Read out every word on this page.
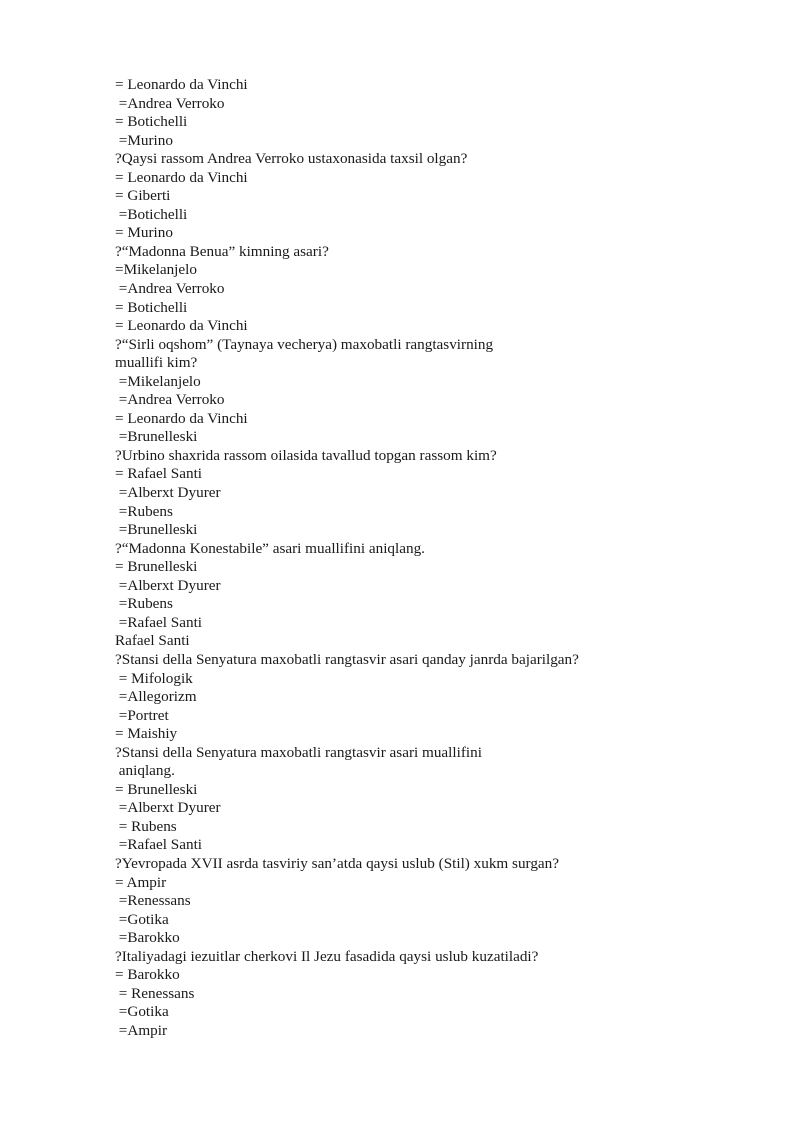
= Leonardo da Vinchi
=Andrea Verroko
= Botichelli
=Murino
?Qaysi rassom Andrea Verroko ustaxonasida taxsil olgan?
= Leonardo da Vinchi
= Giberti
=Botichelli
= Murino
?“Madonna Benua” kimning asari?
=Mikelanjelo
=Andrea Verroko
= Botichelli
= Leonardo da Vinchi
?“Sirli oqshom” (Taynaya vecherya) maxobatli rangtasvirning
muallifi kim?
=Mikelanjelo
=Andrea Verroko
= Leonardo da Vinchi
=Brunelleski
?Urbino shaxrida rassom oilasida tavallud topgan rassom kim?
= Rafael Santi
=Alberxt Dyurer
=Rubens
=Brunelleski
?“Madonna Konestabile” asari muallifini aniqlang.
= Brunelleski
=Alberxt Dyurer
=Rubens
=Rafael Santi
Rafael Santi
?Stansi della Senyatura maxobatli rangtasvir asari qanday janrda bajarilgan?
= Mifologik
=Allegorizm
=Portret
= Maishiy
?Stansi della Senyatura maxobatli rangtasvir asari muallifini
aniqlang.
= Brunelleski
=Alberxt Dyurer
= Rubens
=Rafael Santi
?Yevropada XVII asrda tasviriy san’atda qaysi uslub (Stil) xukm surgan?
= Ampir
=Renessans
=Gotika
=Barokko
?Italiyadagi iezuitlar cherkovi Il Jezu fasadida qaysi uslub kuzatiladi?
= Barokko
= Renessans
=Gotika
=Ampir
